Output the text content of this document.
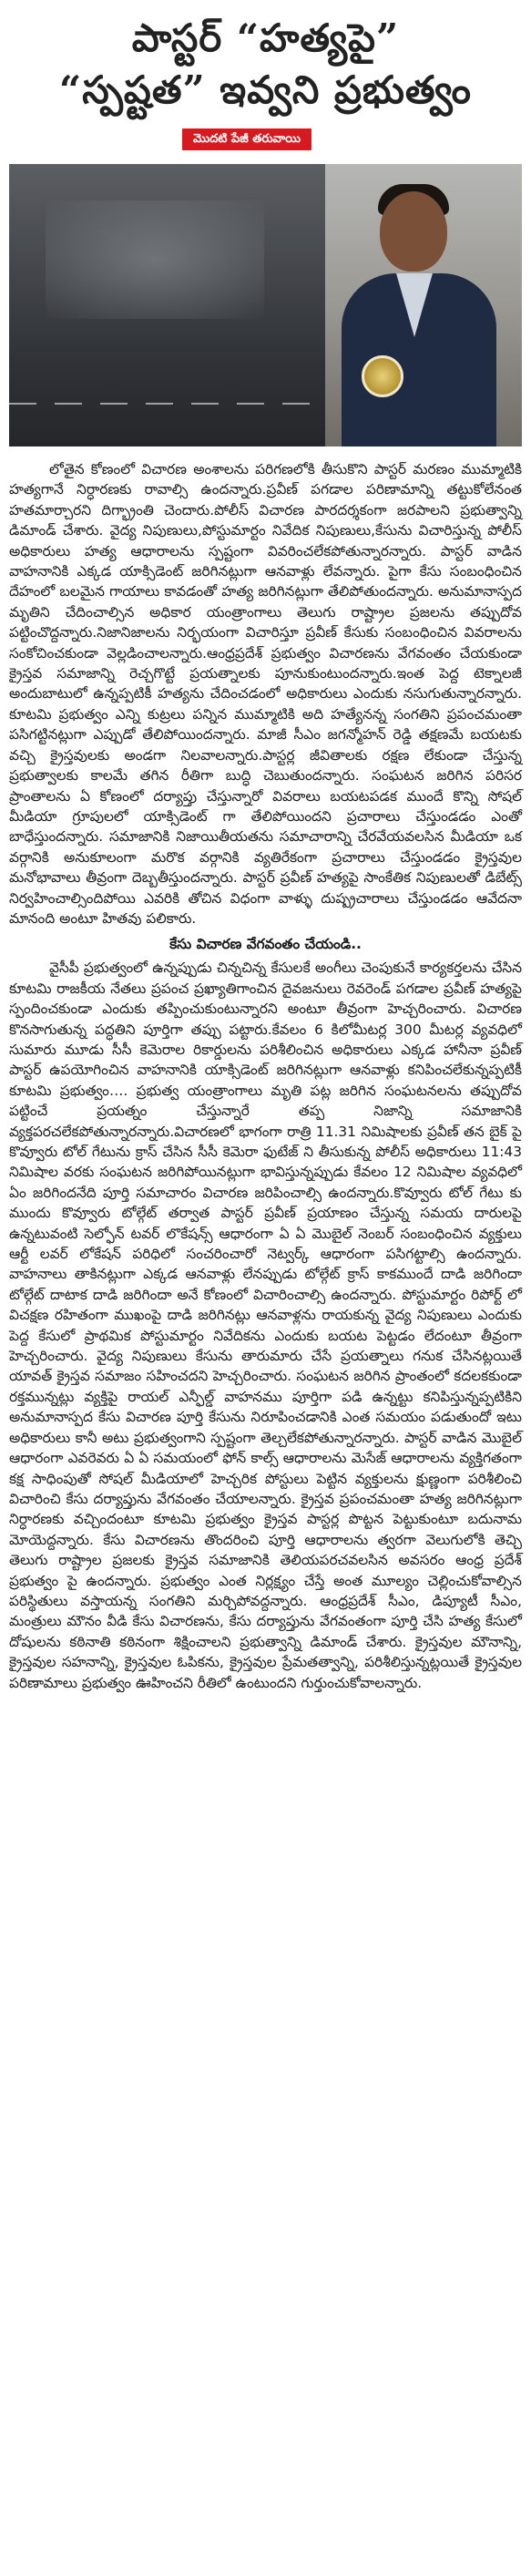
పాస్టర్ “హత్యపై”
“స్పష్టత” ఇవ్వని ప్రభుత్వం
మొదటి పేజీ తరువాయి

లోతైన కోణంలో విచారణ అంశాలను పరిగణలోకి తీసుకొని పాస్టర్ మరణం ముమ్మాటికి హత్యగానే నిర్ధారణకు రావాల్సి ఉందన్నారు.ప్రవీణ్ పగడాల పరిణామాన్ని తట్టుకోలేనంత హతమార్చారని దిగ్భ్రాంతి చెందారు.పోలీస్ విచారణ పారదర్శకంగా జరపాలని ప్రభుత్వాన్ని డిమాండ్ చేశారు. వైద్య నిపుణులు,పోస్టుమార్టం నివేదిక నిపుణులు,కేసును విచారిస్తున్న పోలీస్ అధికారులు హత్య ఆధారాలను స్పష్టంగా వివరించలేకపోతున్నారన్నారు. పాస్టర్ వాడిన వాహనానికి ఎక్కడ యాక్సిడెంట్ జరిగినట్లుగా ఆనవాళ్లు లేవన్నారు. పైగా కేసు సంబంధించిన దేహంలో బలమైన గాయాలు కావడంతో హత్య జరిగినట్లుగా తేలిపోతుందన్నారు. అనుమానాస్పద మృతిని చేదించాల్సిన అధికార యంత్రాంగాలు తెలుగు రాష్ట్రాల ప్రజలను తప్పుదోవ పట్టించొద్దన్నారు.నిజానిజాలను నిర్భయంగా విచారిస్తూ ప్రవీణ్ కేసుకు సంబంధించిన వివరాలను సంకోచించకుండా వెల్లడించాలన్నారు.ఆంధ్రప్రదేశ్ ప్రభుత్వం విచారణను వేగవంతం చేయకుండా క్రైస్తవ సమాజాన్ని రెచ్చగొట్టే ప్రయత్నాలకు పూనుకుంటుందన్నారు.ఇంత పెద్ద టెక్నాలజీ అందుబాటులో ఉన్నప్పటికీ హత్యను చేదించడంలో అధికారులు ఎందుకు నసుగుతున్నారన్నారు. కూటమి ప్రభుత్వం ఎన్ని కుట్రలు పన్నిన ముమ్మాటికి అది హత్యేనన్న సంగతిని ప్రపంచమంతా పసిగట్టినట్లుగా ఎప్పుడో తేలిపోయిందన్నారు. మాజీ సీఎం జగన్మోహన్ రెడ్డి తక్షణమే బయటకు వచ్చి క్రైస్తవులకు అండగా నిలవాలన్నారు.పాస్టర్ల జీవితాలకు రక్షణ లేకుండా చేస్తున్న ప్రభుత్వాలకు కాలమే తగిన రీతిగా బుద్ధి చెబుతుందన్నారు. సంఘటన జరిగిన పరిసర ప్రాంతాలను ఏ కోణంలో దర్యాప్తు చేస్తున్నారో వివరాలు బయటపడక ముందే కొన్ని సోషల్ మీడియా గ్రూపులలో యాక్సిడెంట్ గా తేలిపోయిందని ప్రచారాలు చేస్తుండడం ఎంతో బాధేస్తుందన్నారు. సమాజానికి నిజాయితీయతను సమాచారాన్ని చేరవేయవలసిన మీడియా ఒక వర్గానికి అనుకూలంగా మరొక వర్గానికి వ్యతిరేకంగా ప్రచారాలు చేస్తుండడం క్రైస్తవుల మనోభావాలు తీవ్రంగా దెబ్బతీస్తుందన్నారు. పాస్టర్ ప్రవీణ్ హత్యపై సాంకేతిక నిపుణులతో డిబేట్స్ నిర్వహించాల్సిందిపోయి ఎవరికి తోచిన విధంగా వాళ్ళు దుష్ప్రచారాలు చేస్తుండడం ఆవేదనా మానంది అంటూ హితవు పలికారు.

కేసు విచారణ వేగవంతం చేయండి..

వైసీపీ ప్రభుత్వంలో ఉన్నప్పుడు చిన్నచిన్న కేసులకే అంగీలు చెంపుకునే కార్యకర్తలను చేసిన కూటమి రాజకీయ నేతలు ప్రపంచ ప్రఖ్యాతిగాంచిన దైవజనులు రెవరెండ్ పగడాల ప్రవీణ్ హత్యపై స్పందించకుండా ఎందుకు తప్పించుకుంటున్నారని అంటూ తీవ్రంగా హెచ్చరించారు. విచారణ కొనసాగుతున్న పద్ధతిని పూర్తిగా తప్పు పట్టారు.కేవలం 6 కిలోమీటర్ల 300 మీటర్ల వ్యవధిలో సుమారు మూడు సీసీ కెమెరాల రికార్డులను పరిశీలించిన అధికారులు ఎక్కడ హానీనా ప్రవీణ్ పాస్టర్ ఉపయోగించిన వాహనానికి యాక్సిడెంట్ జరిగినట్లుగా ఆనవాళ్లు కనిపించలేకున్నప్పటికీ కూటమి ప్రభుత్వం…. ప్రభుత్వ యంత్రాంగాలు మృతి పట్ల జరిగిన సంఘటనలను తప్పుదోవ పట్టించే ప్రయత్నం చేస్తున్నారే తప్ప నిజాన్ని సమాజానికి వ్యక్తపరచలేకపోతున్నారన్నారు.విచారణలో భాగంగా రాత్రి 11.31 నిమిషాలకు ప్రవీణ్ తన బైక్ పై కొవ్వూరు టోల్ గేటును క్రాస్ చేసిన సీసీ కెమెరా ఫుటేజ్ ని తీసుకున్న పోలీస్ అధికారులు 11:43 నిమిషాల వరకు సంఘటన జరిగిపోయినట్లుగా భావిస్తున్నప్పుడు కేవలం 12 నిమిషాల వ్యవధిలో ఏం జరిగిందనేది పూర్తి సమాచారం విచారణ జరిపించాల్సి ఉందన్నారు.కొవ్వూరు టోల్ గేటు కు ముందు కొవ్వూరు టోల్గేట్ తర్వాత పాస్టర్ ప్రవీణ్ ప్రయాణం చేస్తున్న సమయ దారులపై ఉన్నటువంటి సెల్ఫోన్ టవర్ లొకేషన్స్ ఆధారంగా ఏ ఏ మొబైల్ నెంబర్ సంబంధించిన వ్యక్తులు ఆర్టీ లవర్ లోకేషన్ పరిధిలో సంచరించారో నెట్వర్క్ ఆధారంగా పసిగట్టాల్సి ఉందన్నారు. వాహనాలు తాకినట్లుగా ఎక్కడ ఆనవాళ్లు లేనప్పుడు టోల్గేట్ క్రాస్ కాకముందే దాడి జరిగిందా టోల్గేట్ దాటాక దాడి జరిగిందా అనే కోణంలో విచారించాల్సి ఉందన్నారు. పోస్టుమార్టం రిపోర్ట్ లో విచక్షణ రహితంగా ముఖంపై దాడి జరిగినట్లు ఆనవాళ్లను రాయకున్న వైద్య నిపుణులు ఎందుకు పెద్ద కేసులో ప్రాథమిక పోస్టుమార్టం నివేదికను ఎందుకు బయట పెట్టడం లేదంటూ తీవ్రంగా హెచ్చరించారు. వైద్య నిపుణులు కేసును తారుమారు చేసే ప్రయత్నాలు గనుక చేసినట్లయితే యావత్ క్రైస్తవ సమాజం సహించదని హెచ్చరించారు. సంఘటన జరిగిన ప్రాంతంలో కదలకకుండా రక్తమున్నట్లు వ్యక్తిపై రాయల్ ఎన్ఫీల్డ్ వాహనము పూర్తిగా పడి ఉన్నట్టు కనిపిస్తున్నప్పటికిని అనుమానాస్పద కేసు విచారణ పూర్తి కేసును నిరూపించడానికి ఎంత సమయం పడుతుందో ఇటు అధికారులు కానీ అటు ప్రభుత్వంగాని స్పష్టంగా తెల్చలేకపోతున్నారన్నారు. పాస్టర్ వాడిన మొబైల్ ఆధారంగా ఎవరెవరు ఏ ఏ సమయంలో ఫోన్ కాల్స్ ఆధారాలను మెసేజ్ ఆధారాలను వ్యక్తిగతంగా కక్ష సాధింపుతో సోషల్ మీడియాలో హెచ్చరిక పోస్టులు పెట్టిన వ్యక్తులను క్షుణ్ణంగా పరిశీలించి విచారించి కేసు దర్యాప్తును వేగవంతం చేయాలన్నారు. క్రైస్తవ ప్రపంచమంతా హత్య జరిగినట్లుగా నిర్ధారణకు వచ్చిందంటూ కూటమి ప్రభుత్వం క్రైస్తవ పాస్టర్ల పొట్టన పెట్టుకుంటూ బదునామ మోయెద్దన్నారు. కేసు విచారణను తొందరించి పూర్తి ఆధారాలను త్వరగా వెలుగులోకి తెచ్చి తెలుగు రాష్ట్రాల ప్రజలకు క్రైస్తవ సమాజానికి తెలియపరచవలసిన అవసరం ఆంధ్ర ప్రదేశ్ ప్రభుత్వం పై ఉందన్నారు. ప్రభుత్వం ఎంత నిర్లక్ష్యం చేస్తే అంత మూల్యం చెల్లించుకోవాల్సిన పరిస్థితులు వస్తాయన్న సంగతిని మర్చిపోవద్దన్నారు. ఆంధ్రప్రదేశ్ సీఎం, డిప్యూటీ సీఎం, మంత్రులు మౌనం వీడి కేసు విచారణను, కేసు దర్యాప్తును వేగవంతంగా పూర్తి చేసి హత్య కేసులో దోషులను కఠినాతి కఠినంగా శిక్షించాలని ప్రభుత్వాన్ని డిమాండ్ చేశారు. క్రైస్తవుల మౌనాన్ని, క్రైస్తవుల సహనాన్ని, క్రైస్తవుల ఓపికను, క్రైస్తవుల ప్రేమతత్వాన్ని, పరిశీలిస్తున్నట్లయితే క్రైస్తవుల పరిణామాలు ప్రభుత్వం ఊహించని రీతిలో ఉంటుందని గుర్తుంచుకోవాలన్నారు.
